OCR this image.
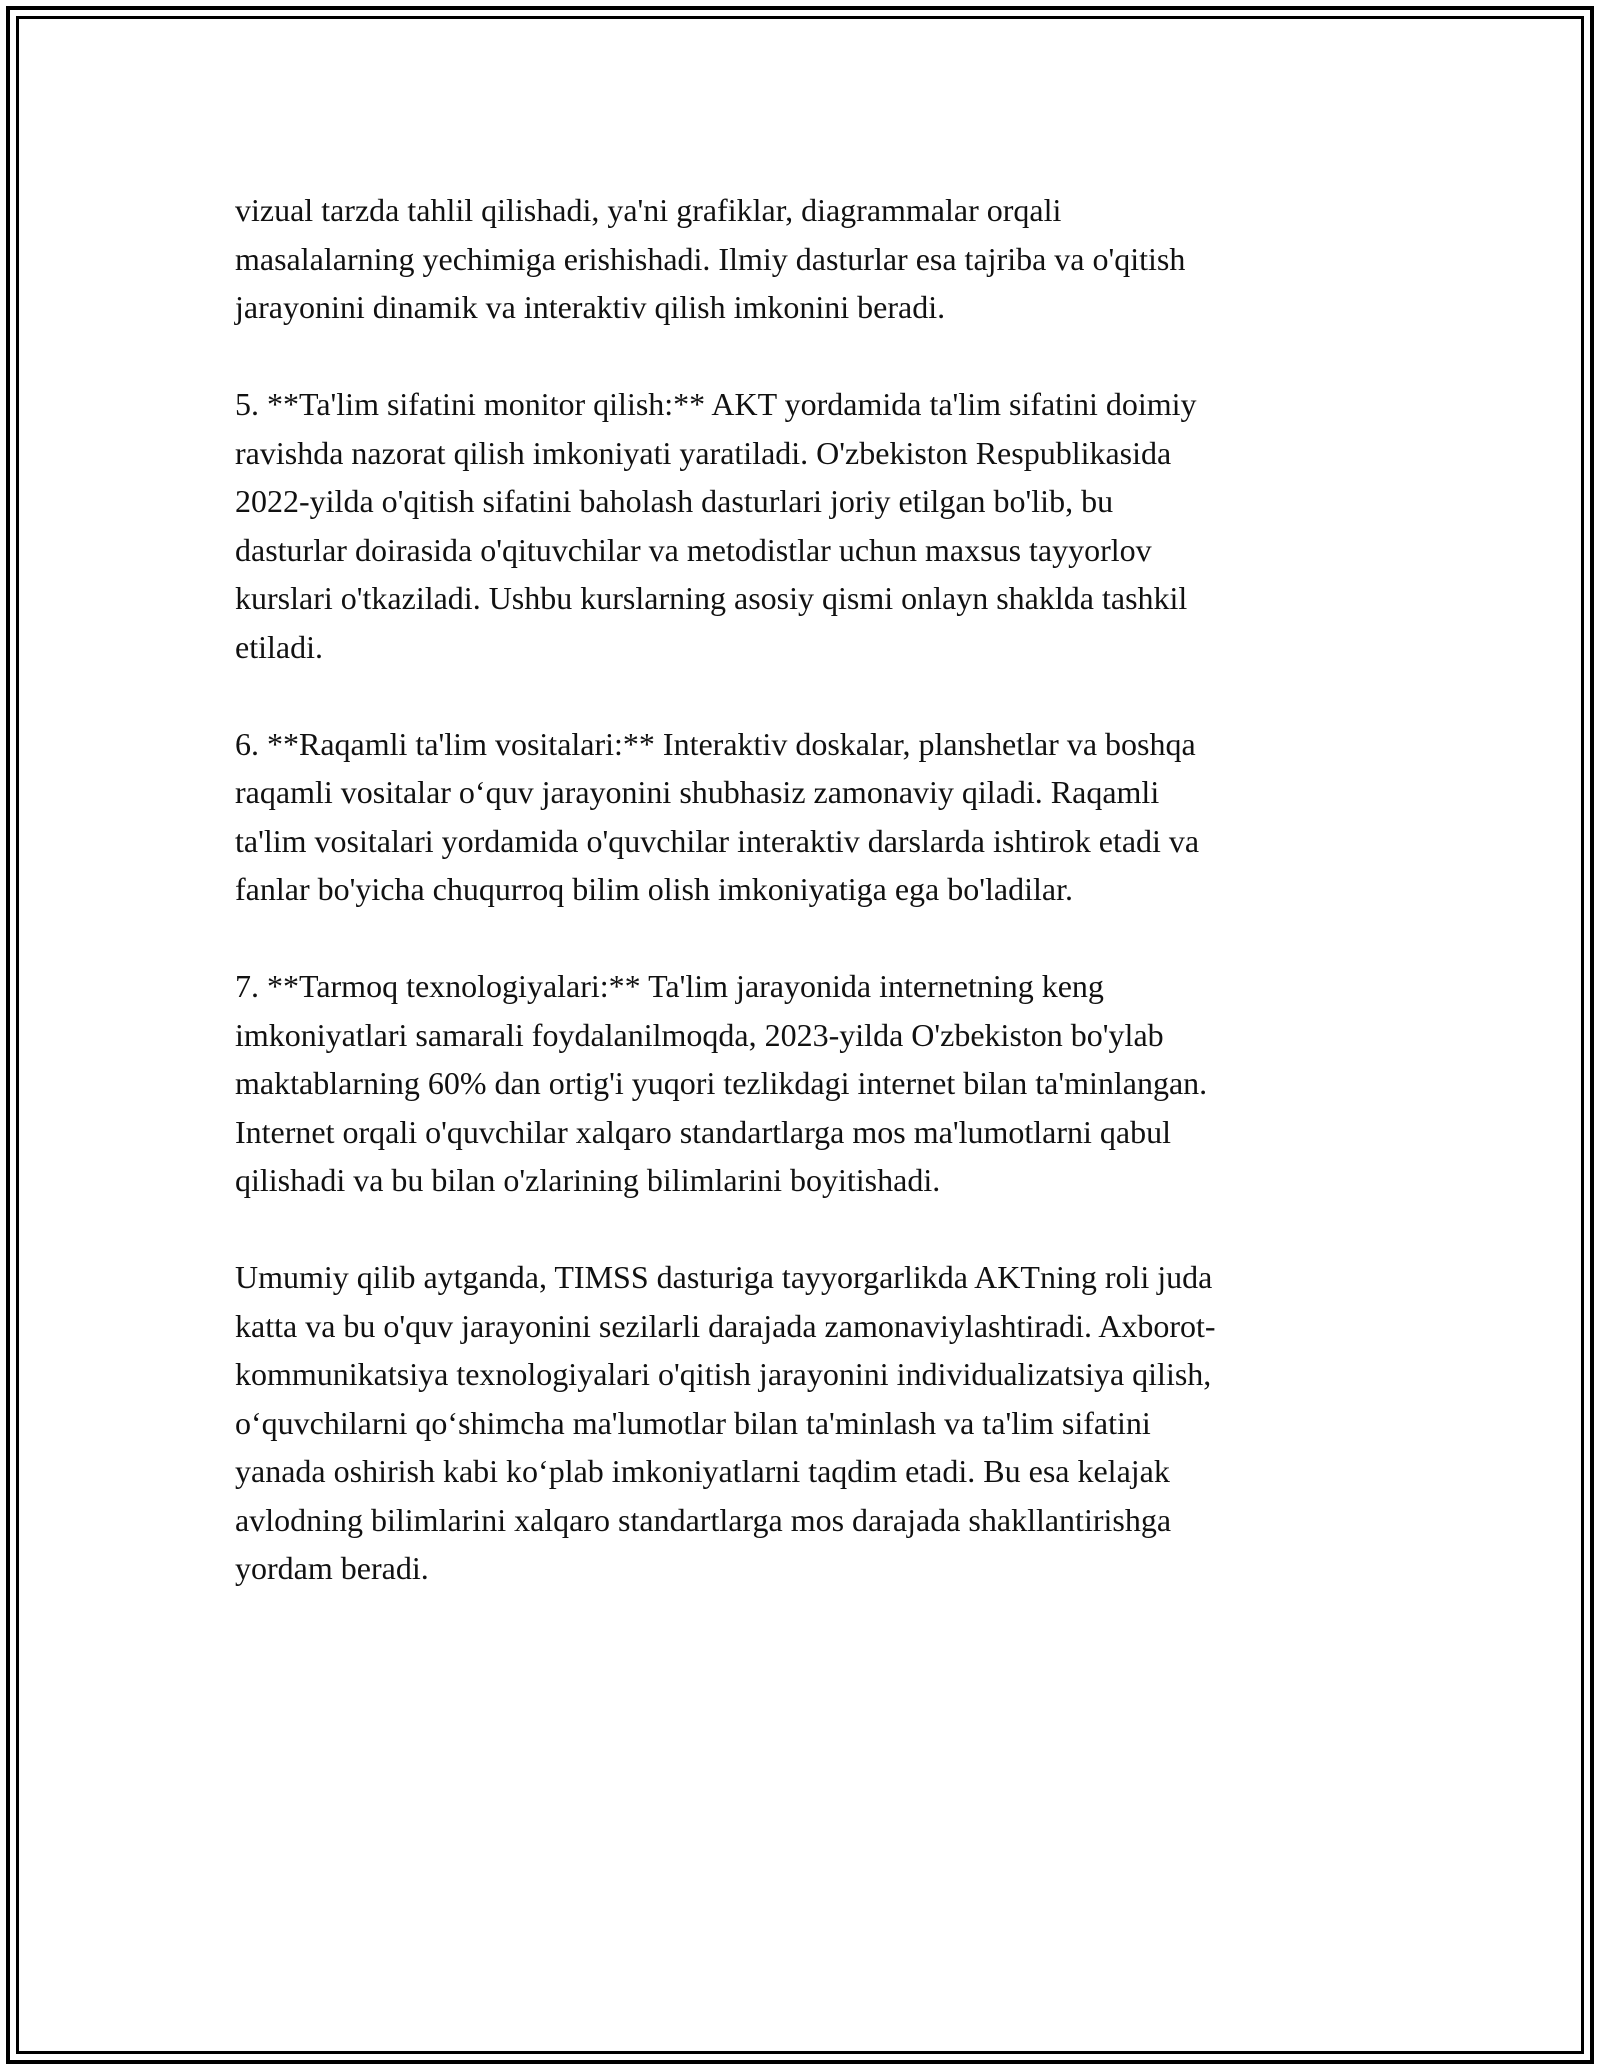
vizual tarzda tahlil qilishadi, ya'ni grafiklar, diagrammalar orqali
masalalarning yechimiga erishishadi. Ilmiy dasturlar esa tajriba va o'qitish
jarayonini dinamik va interaktiv qilish imkonini beradi.

5. **Ta'lim sifatini monitor qilish:** AKT yordamida ta'lim sifatini doimiy
ravishda nazorat qilish imkoniyati yaratiladi. O'zbekiston Respublikasida
2022-yilda o'qitish sifatini baholash dasturlari joriy etilgan bo'lib, bu
dasturlar doirasida o'qituvchilar va metodistlar uchun maxsus tayyorlov
kurslari o'tkaziladi. Ushbu kurslarning asosiy qismi onlayn shaklda tashkil
etiladi.

6. **Raqamli ta'lim vositalari:** Interaktiv doskalar, planshetlar va boshqa
raqamli vositalar o‘quv jarayonini shubhasiz zamonaviy qiladi. Raqamli
ta'lim vositalari yordamida o'quvchilar interaktiv darslarda ishtirok etadi va
fanlar bo'yicha chuqurroq bilim olish imkoniyatiga ega bo'ladilar.

7. **Tarmoq texnologiyalari:** Ta'lim jarayonida internetning keng
imkoniyatlari samarali foydalanilmoqda, 2023-yilda O'zbekiston bo'ylab
maktablarning 60% dan ortig'i yuqori tezlikdagi internet bilan ta'minlangan.
Internet orqali o'quvchilar xalqaro standartlarga mos ma'lumotlarni qabul
qilishadi va bu bilan o'zlarining bilimlarini boyitishadi.

Umumiy qilib aytganda, TIMSS dasturiga tayyorgarlikda AKTning roli juda
katta va bu o'quv jarayonini sezilarli darajada zamonaviylashtiradi. Axborot-
kommunikatsiya texnologiyalari o'qitish jarayonini individualizatsiya qilish,
o‘quvchilarni qo‘shimcha ma'lumotlar bilan ta'minlash va ta'lim sifatini
yanada oshirish kabi ko‘plab imkoniyatlarni taqdim etadi. Bu esa kelajak
avlodning bilimlarini xalqaro standartlarga mos darajada shakllantirishga
yordam beradi.
